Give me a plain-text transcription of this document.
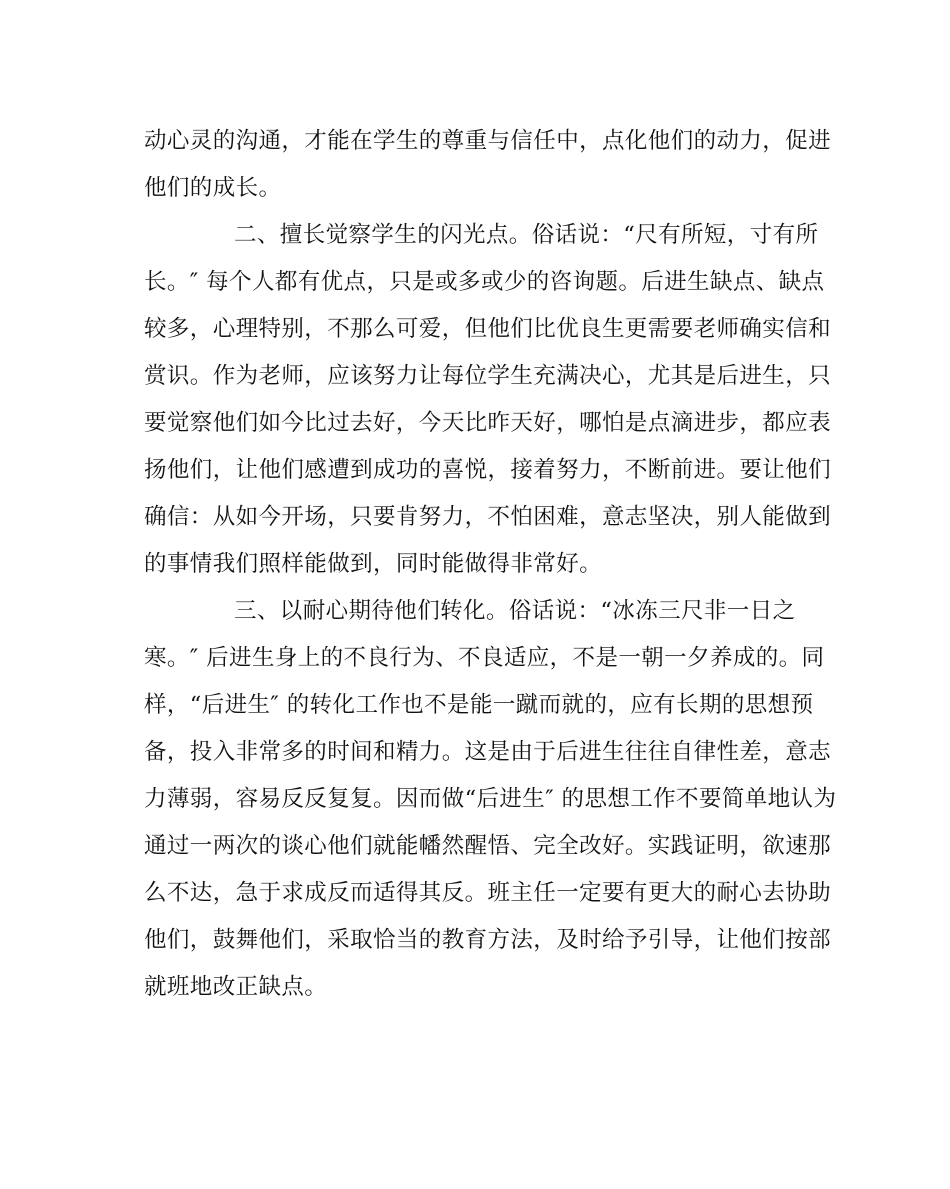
动心灵的沟通，才能在学生的尊重与信任中，点化他们的动力，促进
他们的成长。
二、擅长觉察学生的闪光点。俗话说：“尺有所短，寸有所
长。″ 每个人都有优点，只是或多或少的咨询题。后进生缺点、缺点
较多，心理特别，不那么可爱，但他们比优良生更需要老师确实信和
赏识。作为老师，应该努力让每位学生充满决心，尤其是后进生，只
要觉察他们如今比过去好，今天比昨天好，哪怕是点滴进步，都应表
扬他们，让他们感遭到成功的喜悦，接着努力，不断前进。要让他们
确信：从如今开场，只要肯努力，不怕困难，意志坚决，别人能做到
的事情我们照样能做到，同时能做得非常好。
三、以耐心期待他们转化。俗话说：“冰冻三尺非一日之
寒。″ 后进生身上的不良行为、不良适应，不是一朝一夕养成的。同
样，“后进生″ 的转化工作也不是能一蹴而就的，应有长期的思想预
备，投入非常多的时间和精力。这是由于后进生往往自律性差，意志
力薄弱，容易反反复复。因而做“后进生″ 的思想工作不要简单地认为
通过一两次的谈心他们就能幡然醒悟、完全改好。实践证明，欲速那
么不达，急于求成反而适得其反。班主任一定要有更大的耐心去协助
他们，鼓舞他们，采取恰当的教育方法，及时给予引导，让他们按部
就班地改正缺点。
